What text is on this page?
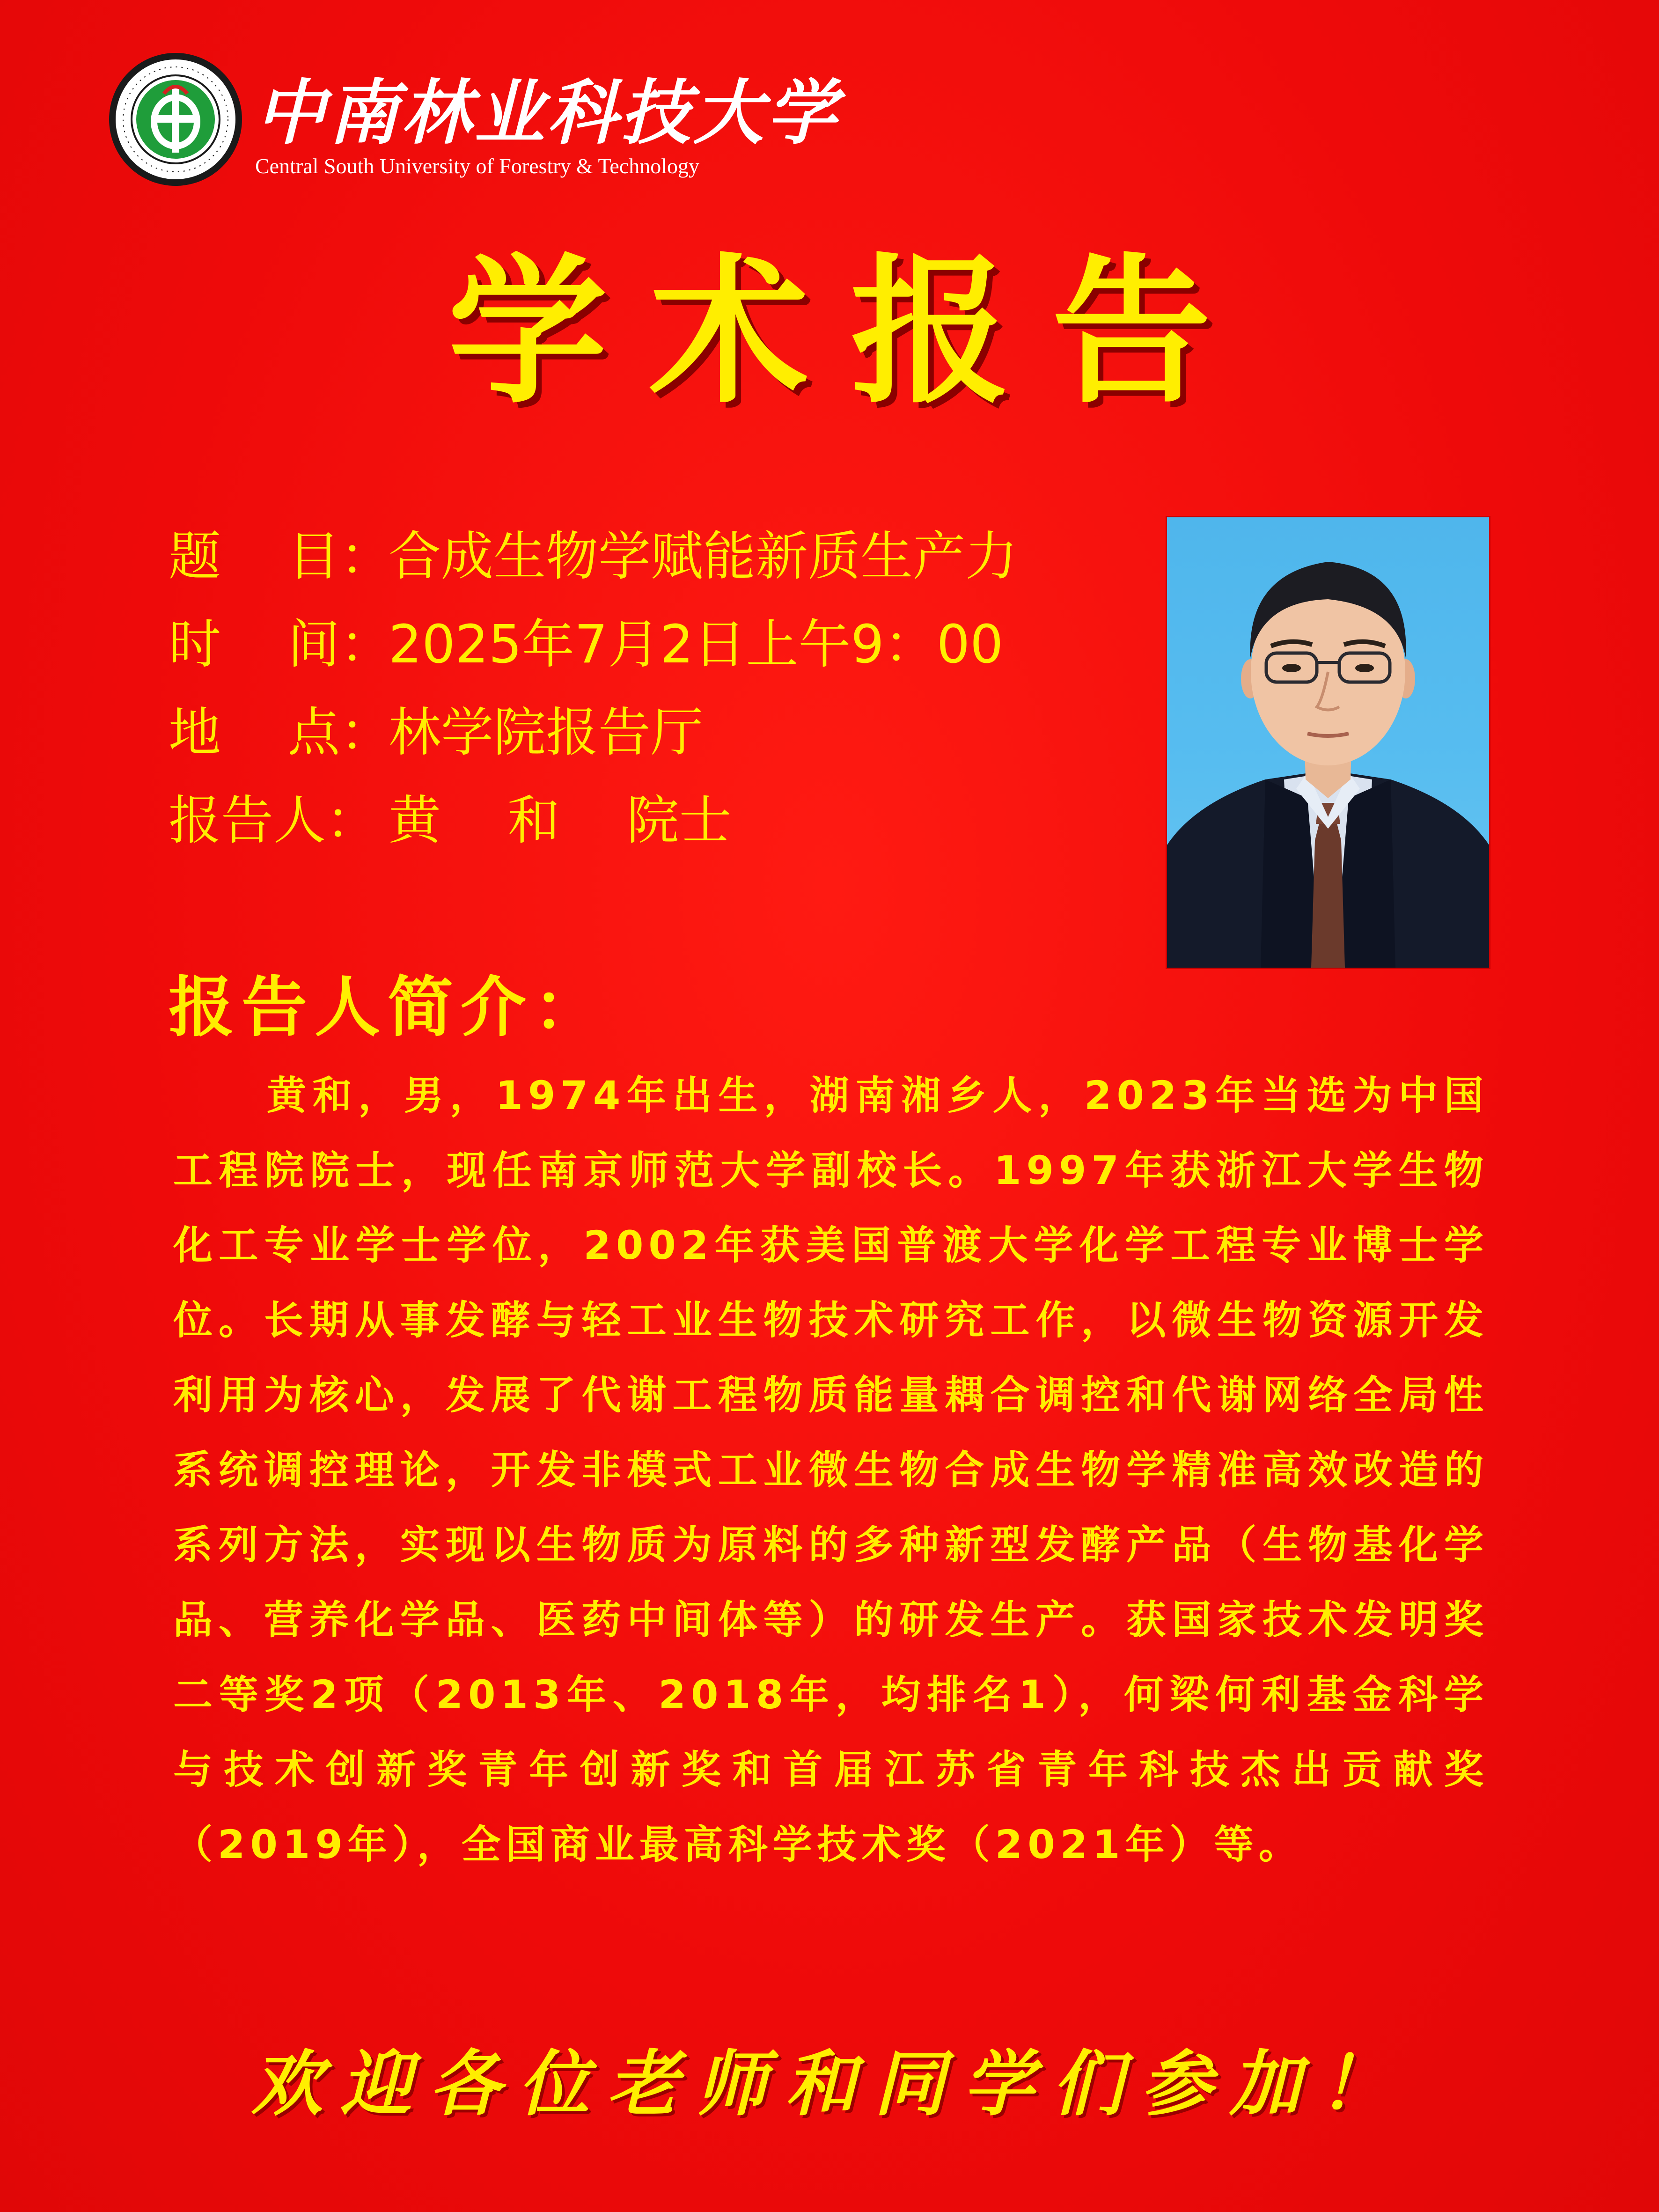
中南林业科技大学
Central South University of Forestry & Technology
学术报告
题    目：
合成生物学赋能新质生产力
时    间：
2025年7月2日上午9：00
地    点：
林学院报告厅
报告人： 黄    和    院士
报告人简介：
黄和，男，1974年出生，湖南湘乡人，2023年当选为中国工程院院士，现任南京师范大学副校长。1997年获浙江大学生物化工专业学士学位，2002年获美国普渡大学化学工程专业博士学位。长期从事发酵与轻工业生物技术研究工作，以微生物资源开发利用为核心，发展了代谢工程物质能量耦合调控和代谢网络全局性系统调控理论，开发非模式工业微生物合成生物学精准高效改造的系列方法，实现以生物质为原料的多种新型发酵产品（生物基化学品、营养化学品、医药中间体等）的研发生产。获国家技术发明奖二等奖2项（2013年、2018年，均排名1），何梁何利基金科学与技术创新奖青年创新奖和首届江苏省青年科技杰出贡献奖（2019年），全国商业最高科学技术奖（2021年）等。
欢迎各位老师和同学们参加！
